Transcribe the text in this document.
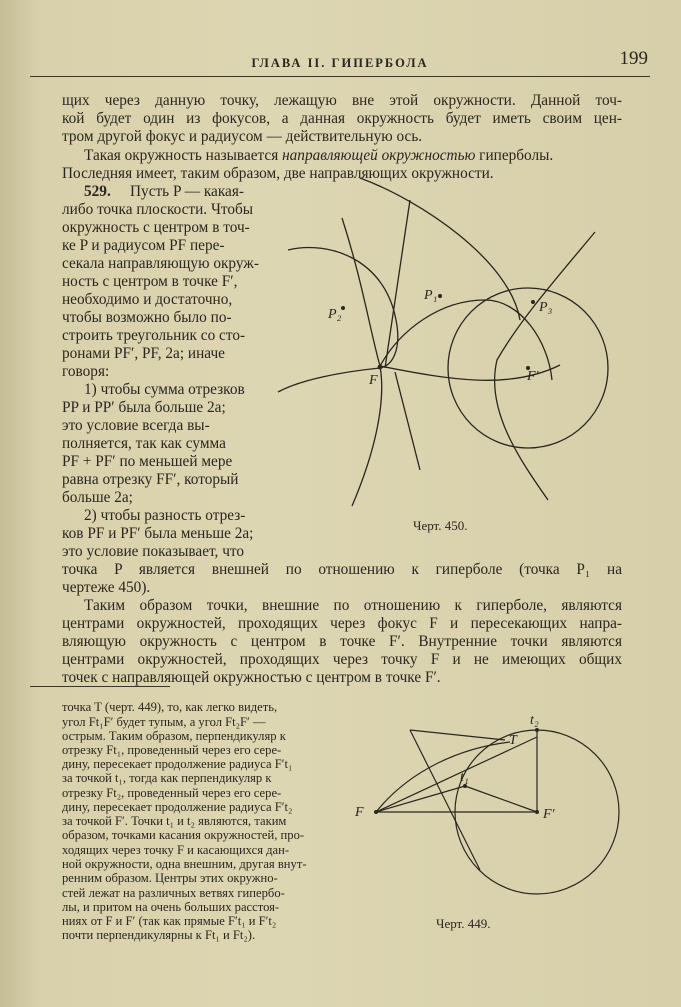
ГЛАВА II. ГИПЕРБОЛА	199
щих через данную точку, лежащую вне этой окружности. Данной точ-
кой будет один из фокусов, а данная окружность будет иметь своим цен-
тром другой фокус и радиусом — действительную ось.
Такая окружность называется направляющей окружностью гиперболы.
Последняя имеет, таким образом, две направляющих окружности.
529. Пусть P — какая-
либо точка плоскости. Чтобы
окружность с центром в точ-
ке P и радиусом PF пере-
секала направляющую окруж-
ность с центром в точке F′,
необходимо и достаточно,
чтобы возможно было по-
строить треугольник со сто-
ронами PF′, PF, 2a; иначе
говоря:
1) чтобы сумма отрезков
PP и PP′ была больше 2a;
это условие всегда вы-
полняется, так как сумма
PF + PF′ по меньшей мере
равна отрезку FF′, который
больше 2a;
2) чтобы разность отрез-
ков PF и PF′ была меньше 2a;
это условие показывает, что
P₁
P₂	P₃
F	F′
F	F′
T
t₁
t₂
Черт. 450.
точка P является внешней по отношению к гиперболе (точка P₁ на
чертеже 450).
Таким образом точки, внешние по отношению к гиперболе, являются
центрами окружностей, проходящих через фокус F и пересекающих напра-
вляющую окружность с центром в точке F′. Внутренние точки являются
центрами окружностей, проходящих через точку F и не имеющих общих
точек с направляющей окружностью с центром в точке F′.
точка T (черт. 449), то, как легко видеть,
угол Ft₁F′ будет тупым, а угол Ft₂F′ —
острым. Таким образом, перпендикуляр к
отрезку Ft₁, проведенный через его сере-
дину, пересекает продолжение радиуса F′t₁
за точкой t₁, тогда как перпендикуляр к
отрезку Ft₂, проведенный через его сере-
дину, пересекает продолжение радиуса F′t₂
за точкой F′. Точки t₁ и t₂ являются, таким
образом, точками касания окружностей, про-
ходящих через точку F и касающихся дан-
ной окружности, одна внешним, другая внут-
ренним образом. Центры этих окружно-
стей лежат на различных ветвях гипербо-
лы, и притом на очень больших расстоя-
ниях от F и F′ (так как прямые F′t₁ и F′t₂
почти перпендикулярны к Ft₁ и Ft₂).
Черт. 449.
